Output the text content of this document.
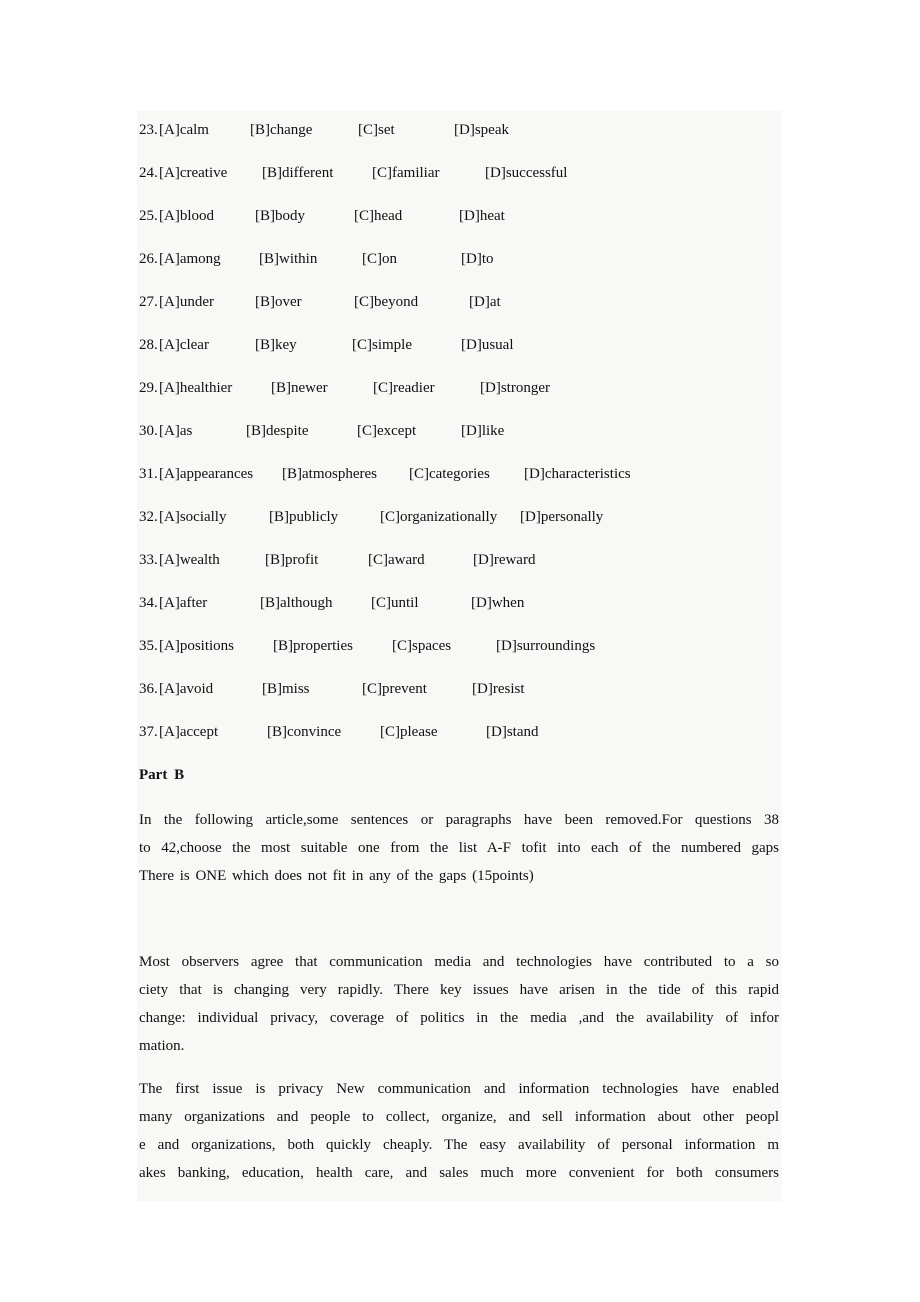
23. [A]calm	[B]change	[C]set	[D]speak
24. [A]creative [B]different	[C]familiar	[D]successful
25. [A]blood	[B]body	[C]head	[D]heat
26. [A]among	[B]within	[C]on	[D]to
27. [A]under	[B]over	[C]beyond	[D]at
28. [A]clear	[B]key	[C]simple	[D]usual
29. [A]healthier	[B]newer	[C]readier	[D]stronger
30. [A]as	[B]despite	[C]except	[D]like
31. [A]appearances [B]atmospheres [C]categories [D]characteristics
32. [A]socially	[B]publicly	[C]organizationally [D]personally
33. [A]wealth	[B]profit	[C]award	[D]reward
34. [A]after	[B]although	[C]until	[D]when
35. [A]positions	[B]properties	[C]spaces	[D]surroundings
36. [A]avoid	[B]miss	[C]prevent	[D]resist
37. [A]accept	[B]convince	[C]please	[D]stand
Part B

In the following article,some sentences or paragraphs have been removed.For questions 38
to 42,choose the most suitable one from the list A-F tofit into each of the numbered gaps
There is ONE which does not fit in any of the gaps (15points)

Most observers agree that communication media and technologies have contributed to a so
ciety that is changing very rapidly. There key issues have arisen in the tide of this rapid
change: individual privacy, coverage of politics in the media ,and the availability of infor
mation.

The first issue is privacy New communication and information technologies have enabled
many organizations and people to collect, organize, and sell information about other peopl
e and organizations, both quickly cheaply. The easy availability of personal information m
akes banking, education, health care, and sales much more convenient for both consumers
